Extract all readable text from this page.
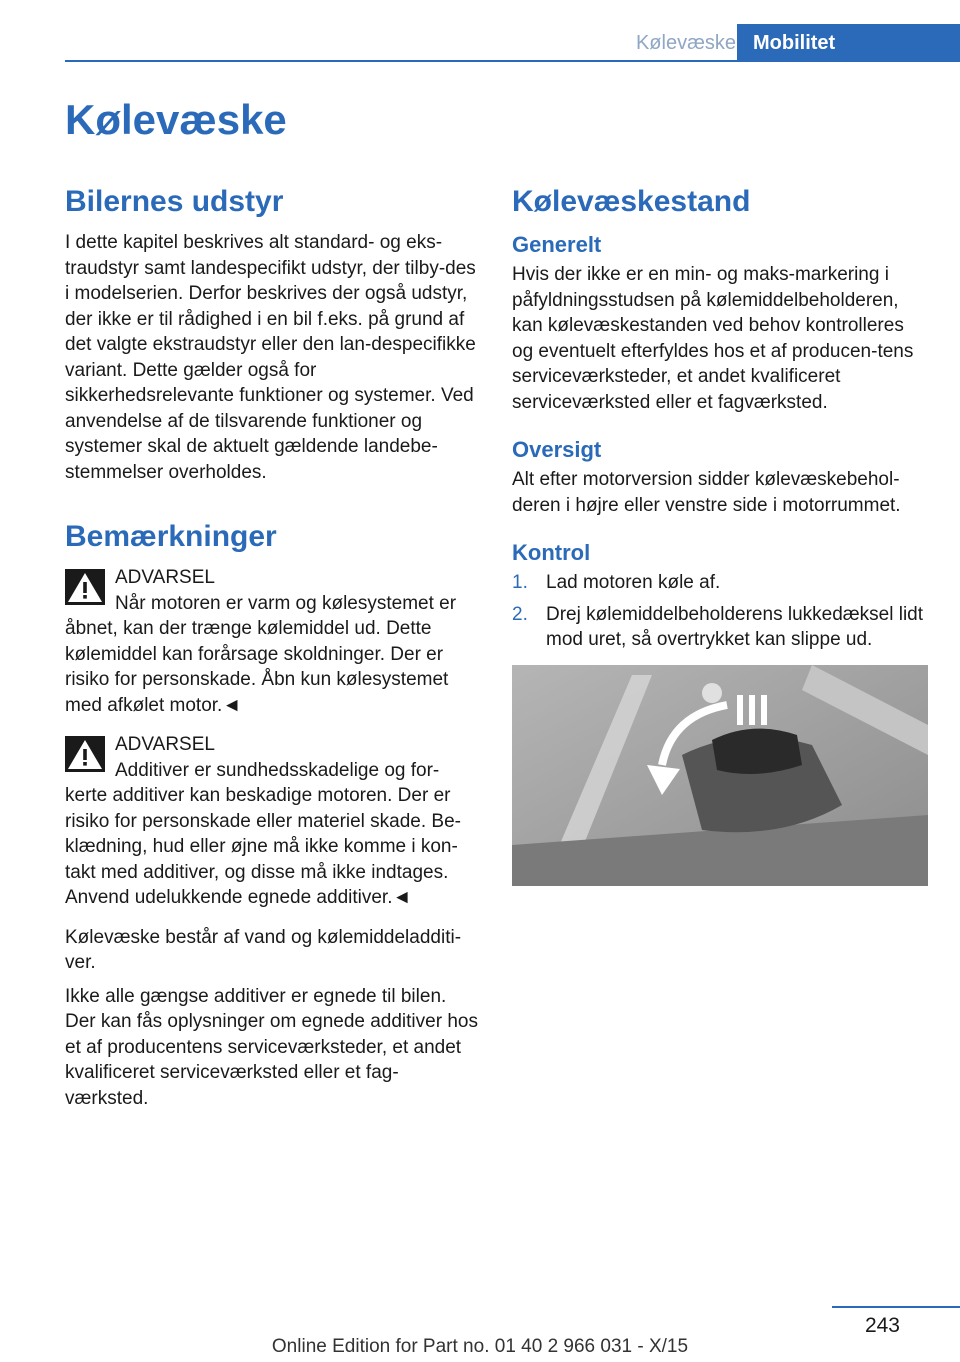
Kølevæske Mobilitet
Kølevæske
Bilernes udstyr

I dette kapitel beskrives alt standard- og eks-traudstyr samt landespecifikt udstyr, der tilby-des i modelserien. Derfor beskrives der også udstyr, der ikke er til rådighed i en bil f.eks. på grund af det valgte ekstraudstyr eller den lan-despecifikke variant. Dette gælder også for sikkerhedsrelevante funktioner og systemer. Ved anvendelse af de tilsvarende funktioner og systemer skal de aktuelt gældende landebe-stemmelser overholdes.

Bemærkninger
ADVARSEL

Når motoren er varm og kølesystemet er åbnet, kan der trænge kølemiddel ud. Dette kølemiddel kan forårsage skoldninger. Der er risiko for personskade. Åbn kun kølesystemet med afkølet motor.◄

ADVARSEL

Additiver er sundhedsskadelige og for-kerte additiver kan beskadige motoren. Der er risiko for personskade eller materiel skade. Be-klædning, hud eller øjne må ikke komme i kon-takt med additiver, og disse må ikke indtages. Anvend udelukkende egnede additiver.◄

Kølevæske består af vand og kølemiddeladditi-ver.

Ikke alle gængse additiver er egnede til bilen. Der kan fås oplysninger om egnede additiver hos et af producentens serviceværksteder, et andet kvalificeret serviceværksted eller et fag-værksted.

Kølevæskestand
Generelt

Hvis der ikke er en min- og maks-markering i påfyldningsstudsen på kølemiddelbeholderen, kan kølevæskestanden ved behov kontrolleres og eventuelt efterfyldes hos et af producen-tens serviceværksteder, et andet kvalificeret serviceværksted eller et fagværksted.

Oversigt

Alt efter motorversion sidder kølevæskebehol-deren i højre eller venstre side i motorrummet.

Kontrol
1. Lad motoren køle af.
2. Drej kølemiddelbeholderens lukkedæksel lidt mod uret, så overtrykket kan slippe ud.
243
Online Edition for Part no. 01 40 2 966 031 - X/15
